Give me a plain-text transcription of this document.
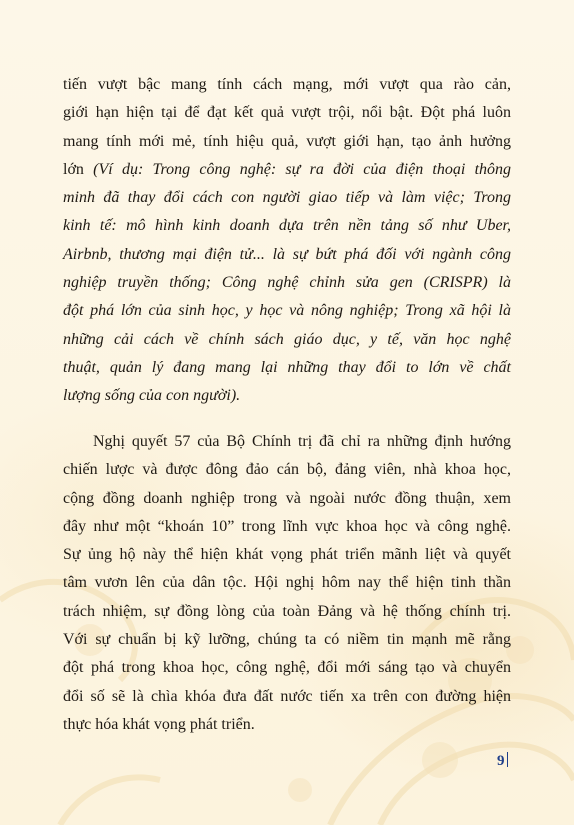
tiến vượt bậc mang tính cách mạng, mới vượt qua rào cản,
giới hạn hiện tại để đạt kết quả vượt trội, nổi bật. Đột phá luôn
mang tính mới mẻ, tính hiệu quả, vượt giới hạn, tạo ảnh hưởng
lớn (Ví dụ: Trong công nghệ: sự ra đời của điện thoại thông
minh đã thay đổi cách con người giao tiếp và làm việc; Trong
kinh tế: mô hình kinh doanh dựa trên nền tảng số như Uber,
Airbnb, thương mại điện tử... là sự bứt phá đối với ngành công
nghiệp truyền thống; Công nghệ chỉnh sửa gen (CRISPR) là
đột phá lớn của sinh học, y học và nông nghiệp; Trong xã hội là
những cải cách về chính sách giáo dục, y tế, văn học nghệ
thuật, quản lý đang mang lại những thay đổi to lớn về chất
lượng sống của con người).
Nghị quyết 57 của Bộ Chính trị đã chỉ ra những định hướng
chiến lược và được đông đảo cán bộ, đảng viên, nhà khoa học,
cộng đồng doanh nghiệp trong và ngoài nước đồng thuận, xem
đây như một “khoán 10” trong lĩnh vực khoa học và công nghệ.
Sự ủng hộ này thể hiện khát vọng phát triển mãnh liệt và quyết
tâm vươn lên của dân tộc. Hội nghị hôm nay thể hiện tinh thần
trách nhiệm, sự đồng lòng của toàn Đảng và hệ thống chính trị.
Với sự chuẩn bị kỹ lưỡng, chúng ta có niềm tin mạnh mẽ rằng
đột phá trong khoa học, công nghệ, đổi mới sáng tạo và chuyển
đổi số sẽ là chìa khóa đưa đất nước tiến xa trên con đường hiện
thực hóa khát vọng phát triển.
9
